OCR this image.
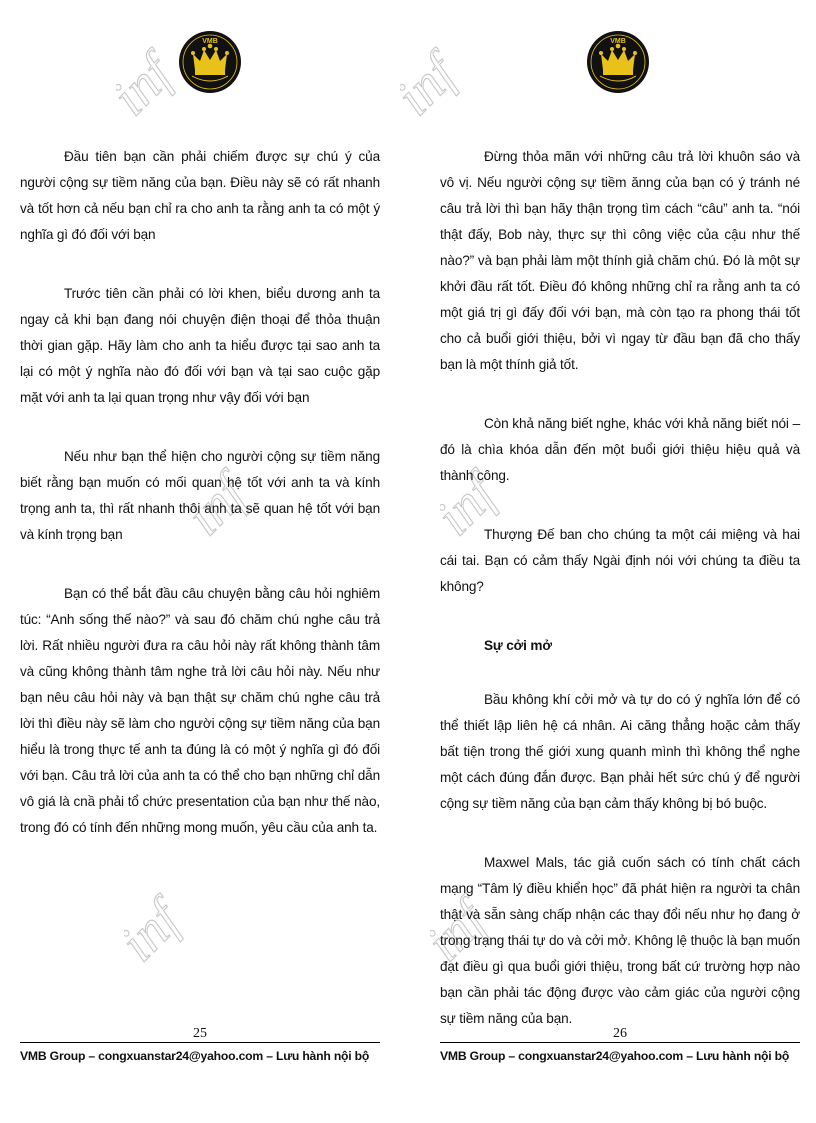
VMB

Đầu tiên bạn cần phải chiếm được sự chú ý của người cộng sự tiềm năng của bạn. Điều này sẽ có rất nhanh và tốt hơn cả nếu bạn chỉ ra cho anh ta rằng anh ta có một ý nghĩa gì đó đối với bạn

Trước tiên cần phải có lời khen, biểu dương anh ta ngay cả khi bạn đang nói chuyện điện thoại để thỏa thuận thời gian gặp. Hãy làm cho anh ta hiểu được tại sao anh ta lại có một ý nghĩa nào đó đối với bạn và tại sao cuộc gặp mặt với anh ta lại quan trọng như vậy đối với bạn

Nếu như bạn thể hiện cho người cộng sự tiềm năng biết rằng bạn muốn có mối quan hệ tốt với anh ta và kính trọng anh ta, thì rất nhanh thôi anh ta sẽ quan hệ tốt với bạn và kính trọng bạn

Bạn có thể bắt đầu câu chuyện bằng câu hỏi nghiêm túc: “Anh sống thế nào?” và sau đó chăm chú nghe câu trả lời. Rất nhiều người đưa ra câu hỏi này rất không thành tâm và cũng không thành tâm nghe trả lời câu hỏi này. Nếu như bạn nêu câu hỏi này và bạn thật sự chăm chú nghe câu trả lời thì điều này sẽ làm cho người cộng sự tiềm năng của bạn hiểu là trong thực tế anh ta đúng là có một ý nghĩa gì đó đối với bạn. Câu trả lời của anh ta có thể cho bạn những chỉ dẫn vô giá là cnầ phải tổ chức presentation của bạn như thế nào, trong đó có tính đến những mong muốn, yêu cầu của anh ta.

25
VMB Group – congxuanstar24@yahoo.com – Lưu hành nội bộ
VMB

Đừng thỏa mãn với những câu trả lời khuôn sáo và vô vị. Nếu người cộng sự tiềm ănng của bạn có ý tránh né câu trả lời thì bạn hãy thận trọng tìm cách “câu” anh ta. “nói thật đấy, Bob này, thực sự thì công việc của cậu như thế nào?” và bạn phải làm một thính giả chăm chú. Đó là một sự khởi đầu rất tốt. Điều đó không những chỉ ra rằng anh ta có một giá trị gì đấy đối với bạn, mà còn tạo ra phong thái tốt cho cả buổi giới thiệu, bởi vì ngay từ đầu bạn đã cho thấy bạn là một thính giả tốt.

Còn khả năng biết nghe, khác với khả năng biết nói – đó là chìa khóa dẫn đến một buổi giới thiệu hiệu quả và thành công.

Thượng Đế ban cho chúng ta một cái miệng và hai cái tai. Bạn có cảm thấy Ngài định nói với chúng ta điều ta không?

Sự cởi mở

Bầu không khí cởi mở và tự do có ý nghĩa lớn để có thể thiết lập liên hệ cá nhân. Ai căng thẳng hoặc cảm thấy bất tiện trong thế giới xung quanh mình thì không thể nghe một cách đúng đắn được. Bạn phải hết sức chú ý để người cộng sự tiềm năng của bạn cảm thấy không bị bó buộc.

Maxwel Mals, tác giả cuốn sách có tính chất cách mạng “Tâm lý điều khiển học” đã phát hiện ra người ta chân thật và sẵn sàng chấp nhận các thay đổi nếu như họ đang ở trong trạng thái tự do và cởi mở. Không lệ thuộc là bạn muốn đạt điều gì qua buổi giới thiệu, trong bất cứ trường hợp nào bạn cần phải tác động được vào cảm giác của người cộng sự tiềm năng của bạn.

26
VMB Group – congxuanstar24@yahoo.com – Lưu hành nội bộ
